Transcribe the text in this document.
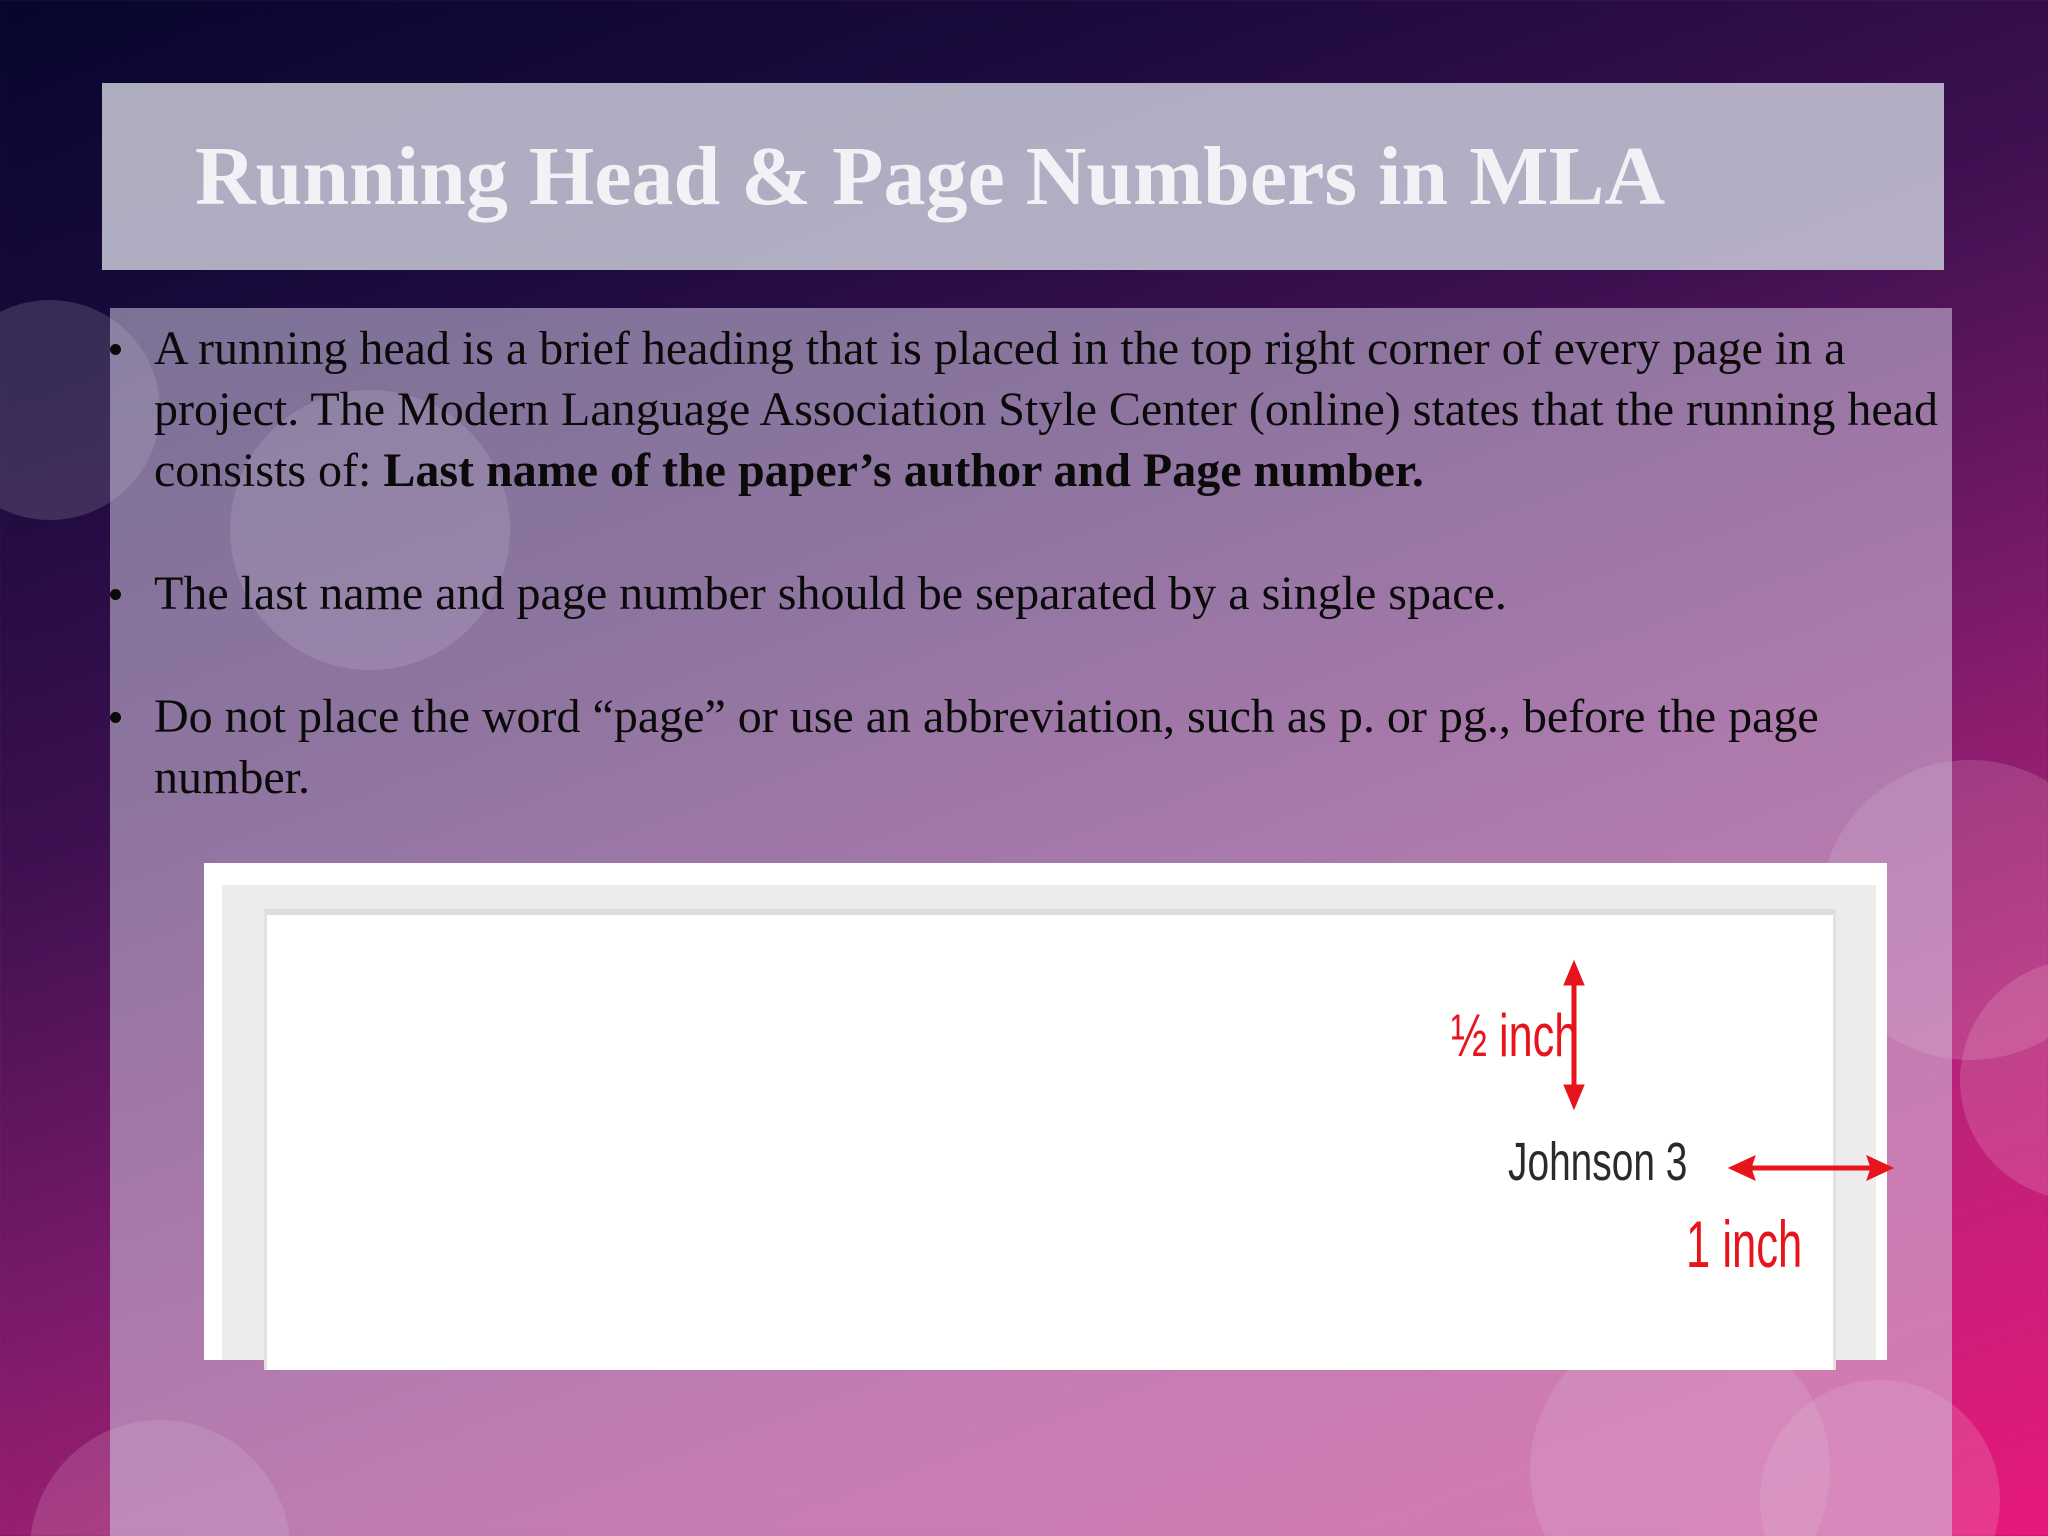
Running Head & Page Numbers in MLA
A running head is a brief heading that is placed in the top right corner of every page in a project. The Modern Language Association Style Center (online) states that the running head consists of: Last name of the paper’s author and Page number.
The last name and page number should be separated by a single space.
Do not place the word “page” or use an abbreviation, such as p. or pg., before the page number.
½ inch
Johnson 3
1 inch
